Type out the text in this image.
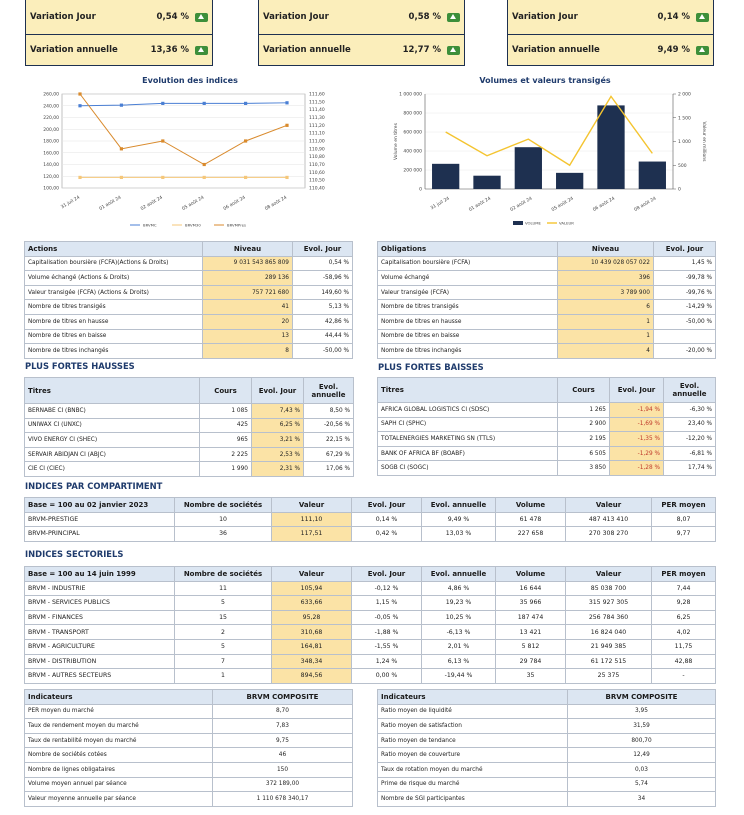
Variation Jour	0,54 %
Variation annuelle	13,36 %
Variation Jour	0,58 %
Variation annuelle	12,77 %
Variation Jour	0,14 %
Variation annuelle	9,49 %
Evolution des indices
100,00
120,00
140,00
160,00
180,00
200,00
220,00
240,00
260,00
110,40
110,50
110,60
110,70
110,80
110,90
111,00
111,10
111,20
111,30
111,40
111,50
111,60
31 juil 24	01 août 24	02 août 24	05 août 24	06 août 24	08 août 24
BRVMC	BRVM30	BRVMPres
Volumes et valeurs transigés
0
200 000
400 000
600 000
800 000
1 000 000
0
500
1 000
1 500
2 000
Volume en titres	Valeur en millions
31 juil 24	01 août 24	02 août 24	05 août 24	06 août 24	08 août 24
VOLUME	VALEUR
Actions	Niveau	Evol. Jour
Capitalisation boursière (FCFA)(Actions & Droits)	9 031 543 865 809	0,54 %
Volume échangé (Actions & Droits)	289 136	-58,96 %
Valeur transigée (FCFA) (Actions & Droits)	757 721 680	149,60 %
Nombre de titres transigés	41	5,13 %
Nombre de titres en hausse	20	42,86 %
Nombre de titres en baisse	13	44,44 %
Nombre de titres inchangés	8	-50,00 %
Obligations	Niveau	Evol. Jour
Capitalisation boursière (FCFA)	10 439 028 057 022	1,45 %
Volume échangé	396	-99,78 %
Valeur transigée (FCFA)	3 789 900	-99,76 %
Nombre de titres transigés	6	-14,29 %
Nombre de titres en hausse	1	-50,00 %
Nombre de titres en baisse	1	
Nombre de titres inchangés	4	-20,00 %
PLUS FORTES HAUSSES
Titres	Cours	Evol. Jour	Evol. annuelle
BERNABE CI (BNBC)	1 085	7,43 %	8,50 %
UNIWAX CI (UNXC)	425	6,25 %	-20,56 %
VIVO ENERGY CI (SHEC)	965	3,21 %	22,15 %
SERVAIR ABIDJAN CI (ABJC)	2 225	2,53 %	67,29 %
CIE CI (CIEC)	1 990	2,31 %	17,06 %
PLUS FORTES BAISSES
Titres	Cours	Evol. Jour	Evol. annuelle
AFRICA GLOBAL LOGISTICS CI (SDSC)	1 265	-1,94 %	-6,30 %
SAPH CI (SPHC)	2 900	-1,69 %	23,40 %
TOTALENERGIES MARKETING SN (TTLS)	2 195	-1,35 %	-12,20 %
BANK OF AFRICA BF (BOABF)	6 505	-1,29 %	-6,81 %
SOGB CI (SOGC)	3 850	-1,28 %	17,74 %
INDICES PAR COMPARTIMENT
Base = 100 au 02 janvier 2023	Nombre de sociétés	Valeur	Evol. Jour	Evol. annuelle	Volume	Valeur	PER moyen
BRVM-PRESTIGE	10	111,10	0,14 %	9,49 %	61 478	487 413 410	8,07
BRVM-PRINCIPAL	36	117,51	0,42 %	13,03 %	227 658	270 308 270	9,77
INDICES SECTORIELS
Base = 100 au 14 juin 1999	Nombre de sociétés	Valeur	Evol. Jour	Evol. annuelle	Volume	Valeur	PER moyen
BRVM - INDUSTRIE	11	105,94	-0,12 %	4,86 %	16 644	85 038 700	7,44
BRVM - SERVICES PUBLICS	5	633,66	1,15 %	19,23 %	35 966	315 927 305	9,28
BRVM - FINANCES	15	95,28	-0,05 %	10,25 %	187 474	256 784 360	6,25
BRVM - TRANSPORT	2	310,68	-1,88 %	-6,13 %	13 421	16 824 040	4,02
BRVM - AGRICULTURE	5	164,81	-1,55 %	2,01 %	5 812	21 949 385	11,75
BRVM - DISTRIBUTION	7	348,34	1,24 %	6,13 %	29 784	61 172 515	42,88
BRVM - AUTRES SECTEURS	1	894,56	0,00 %	-19,44 %	35	25 375	-
Indicateurs	BRVM COMPOSITE
PER moyen du marché	8,70
Taux de rendement moyen du marché	7,83
Taux de rentabilité moyen du marché	9,75
Nombre de sociétés cotées	46
Nombre de lignes obligataires	150
Volume moyen annuel par séance	372 189,00
Valeur moyenne annuelle par séance	1 110 678 340,17
Indicateurs	BRVM COMPOSITE
Ratio moyen de liquidité	3,95
Ratio moyen de satisfaction	31,59
Ratio moyen de tendance	800,70
Ratio moyen de couverture	12,49
Taux de rotation moyen du marché	0,03
Prime de risque du marché	5,74
Nombre de SGI participantes	34
